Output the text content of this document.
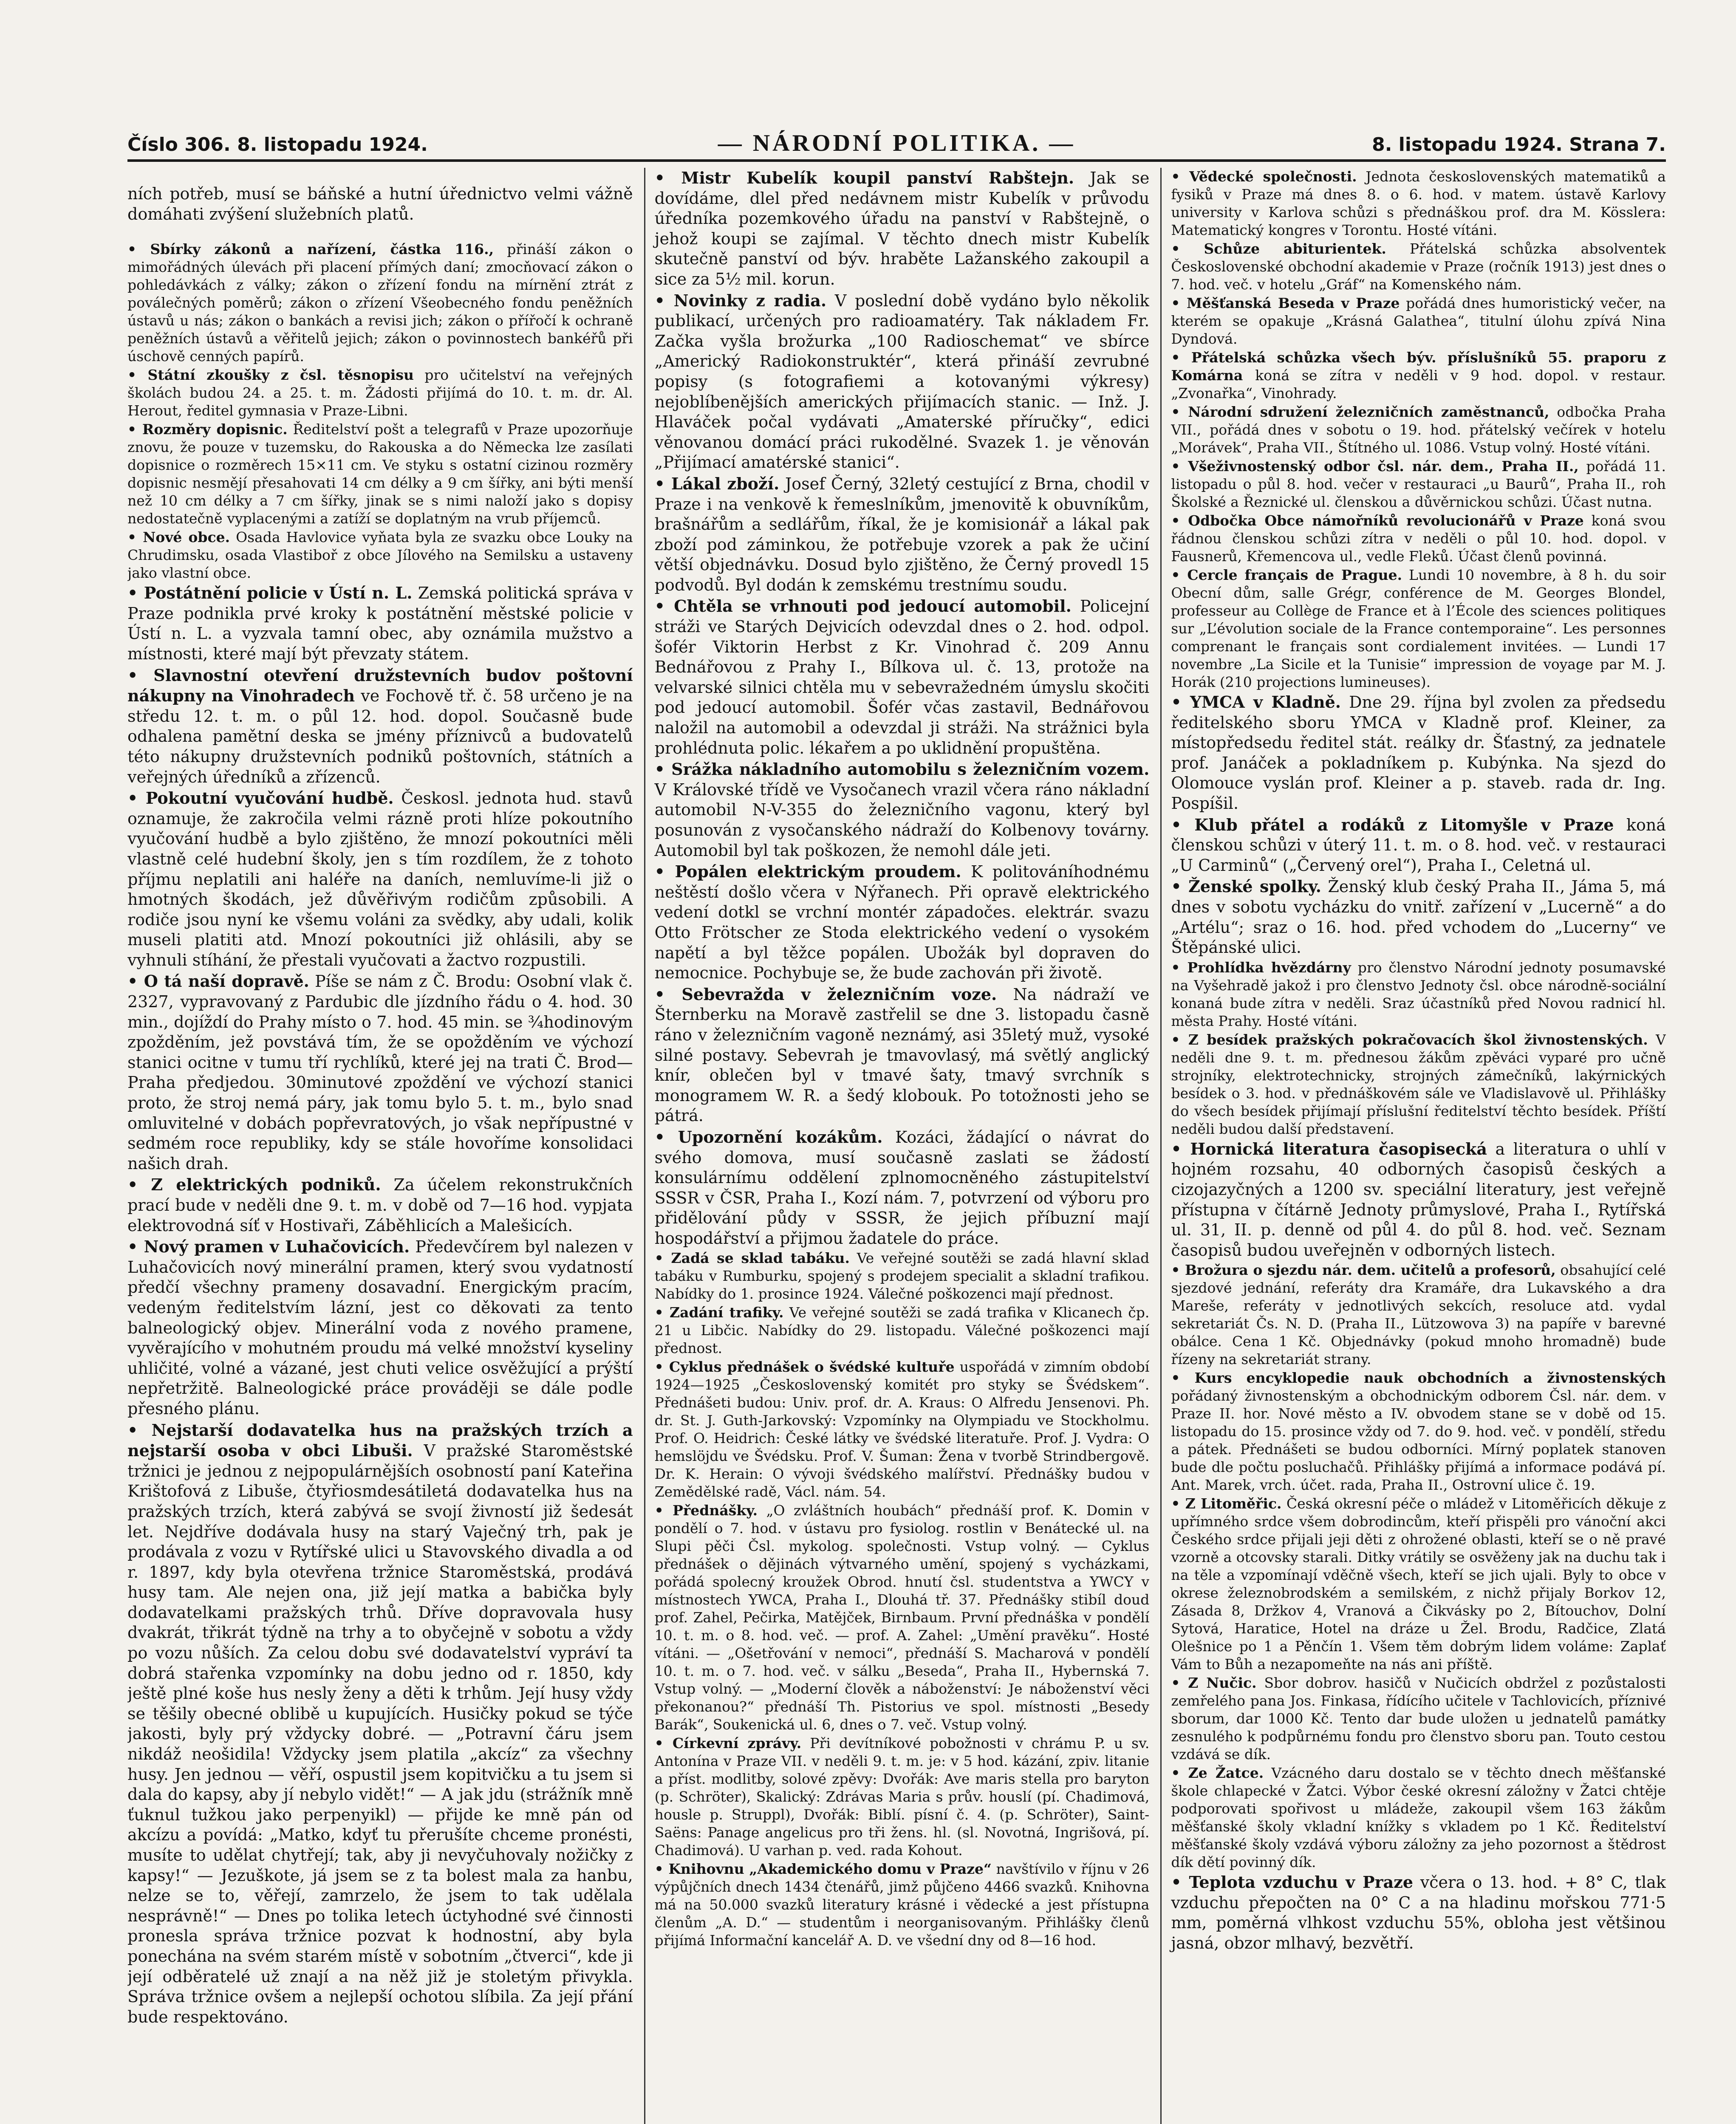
Číslo 306. 8. listopadu 1924.	— NÁRODNÍ POLITIKA. —	8. listopadu 1924. Strana 7.

ních potřeb, musí se báňské a hutní úřednictvo velmi vážně domáhati zvýšení služebních platů.

• Sbírky zákonů a nařízení, částka 116., přináší zákon o mimořádných úlevách při placení přímých daní; zmocňovací zákon o pohledávkách z války; zákon o zřízení fondu na mírnění ztrát z poválečných poměrů; zákon o zřízení Všeobecného fondu peněžních ústavů u nás; zákon o bankách a revisi jich; zákon o přířočí k ochraně peněžních ústavů a věřitelů jejich; zákon o povinnostech bankéřů při úschově cenných papírů.

• Státní zkoušky z čsl. těsnopisu pro učitelství na veřejných školách budou 24. a 25. t. m. Žádosti přijímá do 10. t. m. dr. Al. Herout, ředitel gymnasia v Praze-Libni.

• Rozměry dopisnic. Ředitelství pošt a telegrafů v Praze upozorňuje znovu, že pouze v tuzemsku, do Rakouska a do Německa lze zasílati dopisnice o rozměrech 15×11 cm. Ve styku s ostatní cizinou rozměry dopisnic nesmějí přesahovati 14 cm délky a 9 cm šířky, ani býti menší než 10 cm délky a 7 cm šířky, jinak se s nimi naloží jako s dopisy nedostatečně vyplacenými a zatíží se doplatným na vrub příjemců.

• Nové obce. Osada Havlovice vyňata byla ze svazku obce Louky na Chrudimsku, osada Vlastiboř z obce Jílového na Semilsku a ustaveny jako vlastní obce.

• Postátnění policie v Ústí n. L. Zemská politická správa v Praze podnikla prvé kroky k postátnění městské policie v Ústí n. L. a vyzvala tamní obec, aby oznámila mužstvo a místnosti, které mají být převzaty státem.

• Slavnostní otevření družstevních budov poštovní nákupny na Vinohradech ve Fochově tř. č. 58 určeno je na středu 12. t. m. o půl 12. hod. dopol. Současně bude odhalena pamětní deska se jmény příznivců a budovatelů této nákupny družstevních podniků poštovních, státních a veřejných úředníků a zřízenců.

• Pokoutní vyučování hudbě. Českosl. jednota hud. stavů oznamuje, že zakročila velmi rázně proti hlíze pokoutního vyučování hudbě a bylo zjištěno, že mnozí pokoutníci měli vlastně celé hudební školy, jen s tím rozdílem, že z tohoto příjmu neplatili ani haléře na daních, nemluvíme-li již o hmotných škodách, jež důvěřivým rodičům způsobili. A rodiče jsou nyní ke všemu voláni za svědky, aby udali, kolik museli platiti atd. Mnozí pokoutníci již ohlásili, aby se vyhnuli stíhání, že přestali vyučovati a žactvo rozpustili.

• O tá naší dopravě. Píše se nám z Č. Brodu: Osobní vlak č. 2327, vypravovaný z Pardubic dle jízdního řádu o 4. hod. 30 min., dojíždí do Prahy místo o 7. hod. 45 min. se ¾hodinovým zpožděním, jež povstává tím, že se opožděním ve výchozí stanici ocitne v tumu tří rychlíků, které jej na trati Č. Brod—Praha předjedou. 30minutové zpoždění ve výchozí stanici proto, že stroj nemá páry, jak tomu bylo 5. t. m., bylo snad omluvitelné v dobách popřevratových, jo však nepřípustné v sedmém roce republiky, kdy se stále hovoříme konsolidaci našich drah.

• Z elektrických podniků. Za účelem rekonstrukčních prací bude v neděli dne 9. t. m. v době od 7—16 hod. vypjata elektrovodná síť v Hostivaři, Záběhlicích a Malešicích.

• Nový pramen v Luhačovicích. Předevčírem byl nalezen v Luhačovicích nový minerální pramen, který svou vydatností předčí všechny prameny dosavadní. Energickým pracím, vedeným ředitelstvím lázní, jest co děkovati za tento balneologický objev. Minerální voda z nového pramene, vyvěrajícího v mohutném proudu má velké množství kyseliny uhličité, volné a vázané, jest chuti velice osvěžující a prýští nepřetržitě. Balneologické práce prováději se dále podle přesného plánu.

• Nejstarší dodavatelka hus na pražských trzích a nejstarší osoba v obci Libuši. V pražské Staroměstské tržnici je jednou z nejpopulárnějších osobností paní Kateřina Krištofová z Libuše, čtyřiosmdesátiletá dodavatelka hus na pražských trzích, která zabývá se svojí živností již šedesát let. Nejdříve dodávala husy na starý Vaječný trh, pak je prodávala z vozu v Rytířské ulici u Stavovského divadla a od r. 1897, kdy byla otevřena tržnice Staroměstská, prodává husy tam. Ale nejen ona, již její matka a babička byly dodavatelkami pražských trhů. Dříve dopravovala husy dvakrát, třikrát týdně na trhy a to obyčejně v sobotu a vždy po vozu nůších. Za celou dobu své dodavatelství vypráví ta dobrá stařenka vzpomínky na dobu jedno od r. 1850, kdy ještě plné koše hus nesly ženy a děti k trhům. Její husy vždy se těšily obecné oblibě u kupujících. Husičky pokud se týče jakosti, byly prý vždycky dobré. — „Potravní čáru jsem nikdáž neošidila! Vždycky jsem platila „akcíz“ za všechny husy. Jen jednou — věří, ospustil jsem kopitvičku a tu jsem si dala do kapsy, aby jí nebylo vidět!“ — A jak jdu (strážník mně ťuknul tužkou jako perpenyikl) — přijde ke mně pán od akcízu a povídá: „Matko, kdyť tu přerušíte chceme pronésti, musíte to udělat chytřejí; tak, aby ji nevyčuhovaly nožičky z kapsy!“ — Jezuškote, já jsem se z ta bolest mala za hanbu, nelze se to, věřejí, zamrzelo, že jsem to tak udělala nesprávně!“ — Dnes po tolika letech úctyhodné své činnosti pronesla správa tržnice pozvat k hodnostní, aby byla ponechána na svém starém místě v sobotním „čtverci“, kde ji její odběratelé už znají a na něž již je stoletým přivykla. Správa tržnice ovšem a nejlepší ochotou slíbila. Za její přání bude respektováno.

• Mistr Kubelík koupil panství Rabštejn. Jak se dovídáme, dlel před nedávnem mistr Kubelík v průvodu úředníka pozemkového úřadu na panství v Rabštejně, o jehož koupi se zajímal. V těchto dnech mistr Kubelík skutečně panství od býv. hraběte Lažanského zakoupil a sice za 5½ mil. korun.

• Novinky z radia. V poslední době vydáno bylo několik publikací, určených pro radioamatéry. Tak nákladem Fr. Začka vyšla brožurka „100 Radioschemat“ ve sbírce „Americký Radiokonstruktér“, která přináší zevrubné popisy (s fotografiemi a kotovanými výkresy) nejoblíbenějších amerických přijímacích stanic. — Inž. J. Hlaváček počal vydávati „Amaterské příručky“, edici věnovanou domácí práci rukodělné. Svazek 1. je věnován „Přijímací amatérské stanici“.

• Lákal zboží. Josef Černý, 32letý cestující z Brna, chodil v Praze i na venkově k řemeslníkům, jmenovitě k obuvníkům, brašnářům a sedlářům, říkal, že je komisionář a lákal pak zboží pod záminkou, že potřebuje vzorek a pak že učiní větší objednávku. Dosud bylo zjištěno, že Černý provedl 15 podvodů. Byl dodán k zemskému trestnímu soudu.

• Chtěla se vrhnouti pod jedoucí automobil. Policejní stráži ve Starých Dejvicích odevzdal dnes o 2. hod. odpol. šofér Viktorin Herbst z Kr. Vinohrad č. 209 Annu Bednářovou z Prahy I., Bílkova ul. č. 13, protože na velvarské silnici chtěla mu v sebevražedném úmyslu skočiti pod jedoucí automobil. Šofér včas zastavil, Bednářovou naložil na automobil a odevzdal ji stráži. Na strážnici byla prohlédnuta polic. lékařem a po uklidnění propuštěna.

• Srážka nákladního automobilu s železničním vozem. V Královské třídě ve Vysočanech vrazil včera ráno nákladní automobil N-V-355 do železničního vagonu, který byl posunován z vysočanského nádraží do Kolbenovy továrny. Automobil byl tak poškozen, že nemohl dále jeti.

• Popálen elektrickým proudem. K politováníhodnému neštěstí došlo včera v Nýřanech. Při opravě elektrického vedení dotkl se vrchní montér západočes. elektrár. svazu Otto Frötscher ze Stoda elektrického vedení o vysokém napětí a byl těžce popálen. Ubožák byl dopraven do nemocnice. Pochybuje se, že bude zachován při životě.

• Sebevražda v železničním voze. Na nádraží ve Šternberku na Moravě zastřelil se dne 3. listopadu časně ráno v železničním vagoně neznámý, asi 35letý muž, vysoké silné postavy. Sebevrah je tmavovlasý, má světlý anglický knír, oblečen byl v tmavé šaty, tmavý svrchník s monogramem W. R. a šedý klobouk. Po totožnosti jeho se pátrá.

• Upozornění kozákům. Kozáci, žádající o návrat do svého domova, musí současně zaslati se žádostí konsulárnímu oddělení zplnomocněného zástupitelství SSSR v ČSR, Praha I., Kozí nám. 7, potvrzení od výboru pro přidělování půdy v SSSR, že jejich příbuzní mají hospodářství a přijmou žadatele do práce.

• Zadá se sklad tabáku. Ve veřejné soutěži se zadá hlavní sklad tabáku v Rumburku, spojený s prodejem specialit a skladní trafikou. Nabídky do 1. prosince 1924. Válečné poškozenci mají přednost.

• Zadání trafiky. Ve veřejné soutěži se zadá trafika v Klicanech čp. 21 u Libčic. Nabídky do 29. listopadu. Válečné poškozenci mají přednost.

• Cyklus přednášek o švédské kultuře uspořádá v zimním období 1924—1925 „Československý komitét pro styky se Švédskem“. Přednášeti budou: Univ. prof. dr. A. Kraus: O Alfredu Jensenovi. Ph. dr. St. J. Guth-Jarkovský: Vzpomínky na Olympiadu ve Stockholmu. Prof. O. Heidrich: České látky ve švédské literatuře. Prof. J. Vydra: O hemslöjdu ve Švédsku. Prof. V. Šuman: Žena v tvorbě Strindbergově. Dr. K. Herain: O vývoji švédského malířství. Přednášky budou v Zemědělské radě, Václ. nám. 54.

• Přednášky. „O zvláštních houbách“ přednáší prof. K. Domin v pondělí o 7. hod. v ústavu pro fysiolog. rostlin v Benátecké ul. na Slupi pěči Čsl. mykolog. společnosti. Vstup volný. — Cyklus přednášek o dějinách výtvarného umění, spojený s vycházkami, pořádá spolecný kroužek Obrod. hnutí čsl. studentstva a YWCY v místnostech YWCA, Praha I., Dlouhá tř. 37. Přednášky stibíl doud prof. Zahel, Pečirka, Matějček, Birnbaum. První přednáška v pondělí 10. t. m. o 8. hod. več. — prof. A. Zahel: „Umění pravěku“. Hosté vítáni. — „Ošetřování v nemoci“, přednáší S. Macharová v pondělí 10. t. m. o 7. hod. več. v sálku „Beseda“, Praha II., Hybernská 7. Vstup volný. — „Moderní člověk a náboženství: Je náboženství věci překonanou?“ přednáší Th. Pistorius ve spol. místnosti „Besedy Barák“, Soukenická ul. 6, dnes o 7. več. Vstup volný.

• Církevní zprávy. Při devítníkové pobožnosti v chrámu P. u sv. Antonína v Praze VII. v neděli 9. t. m. je: v 5 hod. kázání, zpiv. litanie a příst. modlitby, solové zpěvy: Dvořák: Ave maris stella pro baryton (p. Schröter), Skalický: Zdrávas Maria s prův. houslí (pí. Chadimová, housle p. Struppl), Dvořák: Biblí. písní č. 4. (p. Schröter), Saint-Saëns: Panage angelicus pro tři žens. hl. (sl. Novotná, Ingrišová, pí. Chadimová). U varhan p. ved. rada Kohout.

• Knihovnu „Akademického domu v Praze“ navštívilo v říjnu v 26 výpůjčních dnech 1434 čtenářů, jimž půjčeno 4466 svazků. Knihovna má na 50.000 svazků literatury krásné i vědecké a jest přístupna členům „A. D.“ — studentům i neorganisovaným. Přihlášky členů přijímá Informační kancelář A. D. ve všední dny od 8—16 hod.

• Vědecké společnosti. Jednota československých matematiků a fysiků v Praze má dnes 8. o 6. hod. v matem. ústavě Karlovy university v Karlova schůzi s přednáškou prof. dra M. Kösslera: Matematický kongres v Torontu. Hosté vítáni.

• Schůze abiturientek. Přátelská schůzka absolventek Československé obchodní akademie v Praze (ročník 1913) jest dnes o 7. hod. več. v hotelu „Gráf“ na Komenského nám.

• Měšťanská Beseda v Praze pořádá dnes humoristický večer, na kterém se opakuje „Krásná Galathea“, titulní úlohu zpívá Nina Dyndová.

• Přátelská schůzka všech býv. příslušníků 55. praporu z Komárna koná se zítra v neděli v 9 hod. dopol. v restaur. „Zvonařka“, Vinohrady.

• Národní sdružení železničních zaměstnanců, odbočka Praha VII., pořádá dnes v sobotu o 19. hod. přátelský večírek v hotelu „Morávek“, Praha VII., Štítného ul. 1086. Vstup volný. Hosté vítáni.

• Všeživnostenský odbor čsl. nár. dem., Praha II., pořádá 11. listopadu o půl 8. hod. večer v restauraci „u Baurů“, Praha II., roh Školské a Řeznické ul. členskou a důvěrnickou schůzi. Účast nutna.

• Odbočka Obce námořníků revolucionářů v Praze koná svou řádnou členskou schůzi zítra v neděli o půl 10. hod. dopol. v Fausnerů, Křemencova ul., vedle Fleků. Účast členů povinná.

• Cercle français de Prague. Lundi 10 novembre, à 8 h. du soir Obecní dům, salle Grégr, conférence de M. Georges Blondel, professeur au Collège de France et à l’École des sciences politiques sur „L’évolution sociale de la France contemporaine“. Les personnes comprenant le français sont cordialement invitées. — Lundi 17 novembre „La Sicile et la Tunisie“ impression de voyage par M. J. Horák (210 projections lumineuses).

• YMCA v Kladně. Dne 29. října byl zvolen za předsedu ředitelského sboru YMCA v Kladně prof. Kleiner, za místopředsedu ředitel stát. reálky dr. Šťastný, za jednatele prof. Janáček a pokladníkem p. Kubýnka. Na sjezd do Olomouce vyslán prof. Kleiner a p. staveb. rada dr. Ing. Pospíšil.

• Klub přátel a rodáků z Litomyšle v Praze koná členskou schůzi v úterý 11. t. m. o 8. hod. več. v restauraci „U Carminů“ („Červený orel“), Praha I., Celetná ul.

• Ženské spolky. Ženský klub český Praha II., Jáma 5, má dnes v sobotu vycházku do vnitř. zařízení v „Lucerně“ a do „Artélu“; sraz o 16. hod. před vchodem do „Lucerny“ ve Štěpánské ulici.

• Prohlídka hvězdárny pro členstvo Národní jednoty posumavské na Vyšehradě jakož i pro členstvo Jednoty čsl. obce národně-sociální konaná bude zítra v neděli. Sraz účastníků před Novou radnicí hl. města Prahy. Hosté vítáni.

• Z besídek pražských pokračovacích škol živnostenských. V neděli dne 9. t. m. přednesou žákům zpěváci vyparé pro učně strojníky, elektrotechnicky, strojných zámečníků, lakýrnických besídek o 3. hod. v přednáškovém sále ve Vladislavově ul. Přihlášky do všech besídek přijímají příslušní ředitelství těchto besídek. Příští neděli budou další představení.

• Hornická literatura časopisecká a literatura o uhlí v hojném rozsahu, 40 odborných časopisů českých a cizojazyčných a 1200 sv. speciální literatury, jest veřejně přístupna v čítárně Jednoty průmyslové, Praha I., Rytířská ul. 31, II. p. denně od půl 4. do půl 8. hod. več. Seznam časopisů budou uveřejněn v odborných listech.

• Brožura o sjezdu nár. dem. učitelů a profesorů, obsahující celé sjezdové jednání, referáty dra Kramáře, dra Lukavského a dra Mareše, referáty v jednotlivých sekcích, resoluce atd. vydal sekretariát Čs. N. D. (Praha II., Lützowova 3) na papíře v barevné obálce. Cena 1 Kč. Objednávky (pokud mnoho hromadně) bude řízeny na sekretariát strany.

• Kurs encyklopedie nauk obchodních a živnostenských pořádaný živnostenským a obchodnickým odborem Čsl. nár. dem. v Praze II. hor. Nové město a IV. obvodem stane se v době od 15. listopadu do 15. prosince vždy od 7. do 9. hod. več. v pondělí, středu a pátek. Přednášeti se budou odborníci. Mírný poplatek stanoven bude dle počtu posluchačů. Přihlášky přijímá a informace podává pí. Ant. Marek, vrch. účet. rada, Praha II., Ostrovní ulice č. 19.

• Z Litoměřic. Česká okresní péče o mládež v Litoměřicích děkuje z upřímného srdce všem dobrodincům, kteří přispěli pro vánoční akci Českého srdce přijali jeji děti z ohrožené oblasti, kteří se o ně pravé vzorně a otcovsky starali. Ditky vrátily se osvěženy jak na duchu tak i na těle a vzpomínají vděčně všech, kteří se jich ujali. Byly to obce v okrese železnobrodském a semilském, z nichž přijaly Borkov 12, Zásada 8, Držkov 4, Vranová a Čikvásky po 2, Bítouchov, Dolní Sytová, Haratice, Hotel na dráze u Žel. Brodu, Radčice, Zlatá Olešnice po 1 a Pěnčín 1. Všem těm dobrým lidem voláme: Zaplať Vám to Bůh a nezapomeňte na nás ani příště.

• Z Nučic. Sbor dobrov. hasičů v Nučicích obdržel z pozůstalosti zemřelého pana Jos. Finkasa, řídícího učitele v Tachlovicích, příznivé sborum, dar 1000 Kč. Tento dar bude uložen u jednatelů památky zesnulého k podpůrnému fondu pro členstvo sboru pan. Touto cestou vzdává se dík.

• Ze Žatce. Vzácného daru dostalo se v těchto dnech měšťanské škole chlapecké v Žatci. Výbor české okresní záložny v Žatci chtěje podporovati spořivost u mládeže, zakoupil všem 163 žákům měšťanské školy vkladní knížky s vkladem po 1 Kč. Ředitelství měšťanské školy vzdává výboru záložny za jeho pozornost a štědrost dík dětí povinný dík.

• Teplota vzduchu v Praze včera o 13. hod. + 8° C, tlak vzduchu přepočten na 0° C a na hladinu mořskou 771·5 mm, poměrná vlhkost vzduchu 55%, obloha jest většinou jasná, obzor mlhavý, bezvětří.
